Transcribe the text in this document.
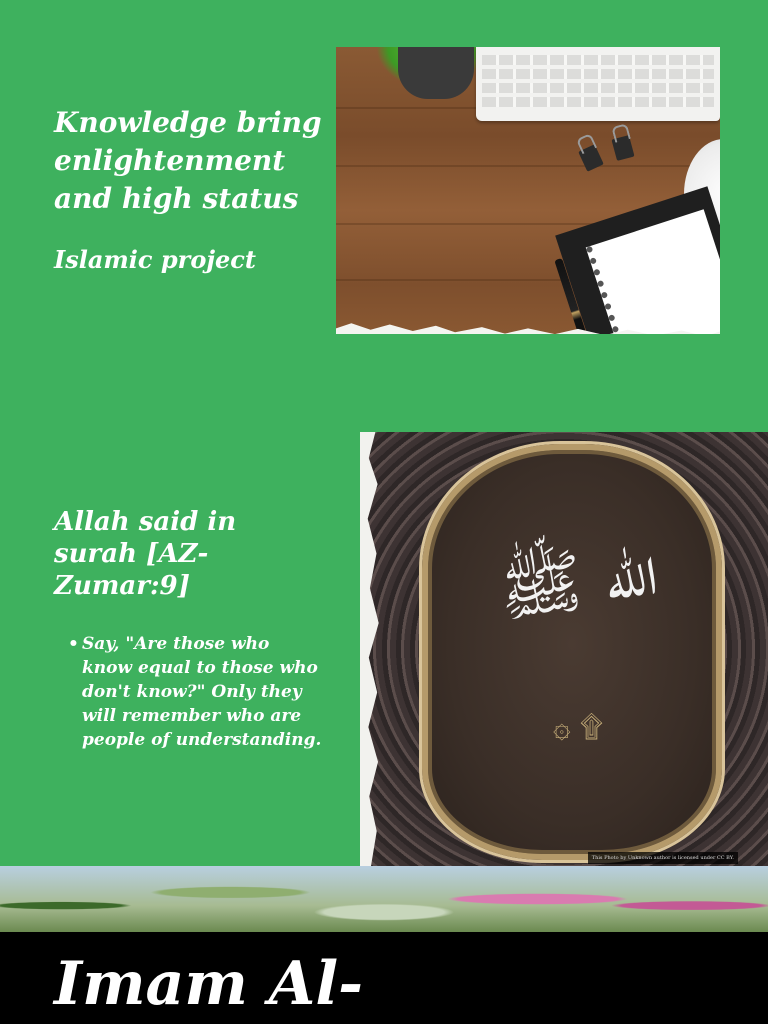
Knowledge bring enlightenment and high status
Islamic project
Allah said in surah [AZ-Zumar:9]

• Say, "Are those who know equal to those who don't know?" Only they will remember who are people of understanding.

ﷲ ﷺ
۞ ۩
This Photo by Unknown author is licensed under CC BY.
Imam Al-
